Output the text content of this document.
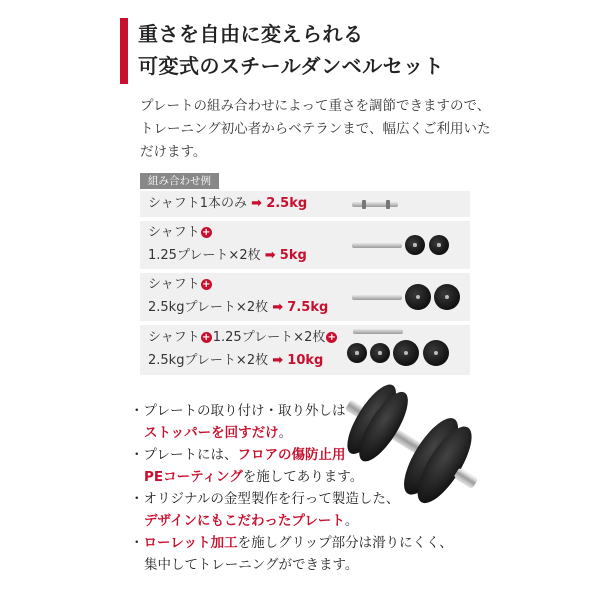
重さを自由に変えられる
可変式のスチールダンベルセット

プレートの組み合わせによって重さを調節できますので、

トレーニング初心者からベテランまで、幅広くご利用いた

だけます。

組み合わせ例
シャフト1本のみ ➡ 2.5kg
シャフト +
1.25プレート×2枚 ➡ 5kg
シャフト +
2.5kgプレート×2枚 ➡ 7.5kg
シャフト + 1.25プレート×2枚 +
2.5kgプレート×2枚 ➡ 10kg

・プレートの取り付け・取り外しは

ストッパーを回すだけ。

・プレートには、フロアの傷防止用

PEコーティングを施してあります。

・オリジナルの金型製作を行って製造した、

デザインにもこだわったプレート。

・ローレット加工を施しグリップ部分は滑りにくく、

集中してトレーニングができます。
